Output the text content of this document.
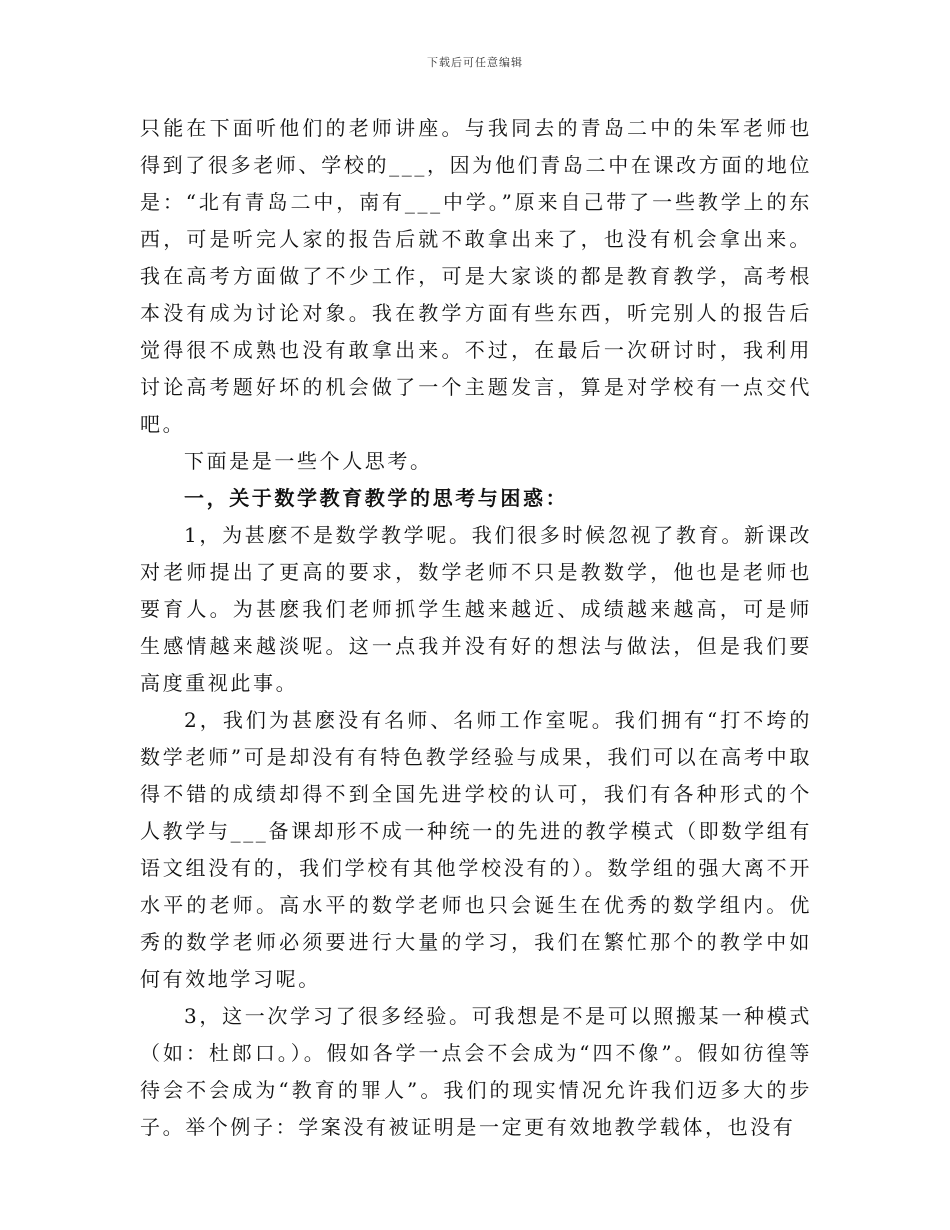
下载后可任意编辑

只能在下面听他们的老师讲座。与我同去的青岛二中的朱军老师也得到了很多老师、学校的___，因为他们青岛二中在课改方面的地位是：“北有青岛二中，南有___中学。”原来自己带了一些教学上的东西，可是听完人家的报告后就不敢拿出来了，也没有机会拿出来。我在高考方面做了不少工作，可是大家谈的都是教育教学，高考根本没有成为讨论对象。我在教学方面有些东西，听完别人的报告后觉得很不成熟也没有敢拿出来。不过，在最后一次研讨时，我利用讨论高考题好坏的机会做了一个主题发言，算是对学校有一点交代吧。

下面是是一些个人思考。

一，关于数学教育教学的思考与困惑：

1，为甚麽不是数学教学呢。我们很多时候忽视了教育。新课改对老师提出了更高的要求，数学老师不只是教数学，他也是老师也要育人。为甚麽我们老师抓学生越来越近、成绩越来越高，可是师生感情越来越淡呢。这一点我并没有好的想法与做法，但是我们要高度重视此事。

2，我们为甚麽没有名师、名师工作室呢。我们拥有“打不垮的数学老师”可是却没有有特色教学经验与成果，我们可以在高考中取得不错的成绩却得不到全国先进学校的认可，我们有各种形式的个人教学与___备课却形不成一种统一的先进的教学模式（即数学组有语文组没有的，我们学校有其他学校没有的）。数学组的强大离不开水平的老师。高水平的数学老师也只会诞生在优秀的数学组内。优秀的数学老师必须要进行大量的学习，我们在繁忙那个的教学中如何有效地学习呢。

3，这一次学习了很多经验。可我想是不是可以照搬某一种模式（如：杜郎口。）。假如各学一点会不会成为“四不像”。假如彷徨等待会不会成为“教育的罪人”。我们的现实情况允许我们迈多大的步子。举个例子：学案没有被证明是一定更有效地教学载体，也没有
